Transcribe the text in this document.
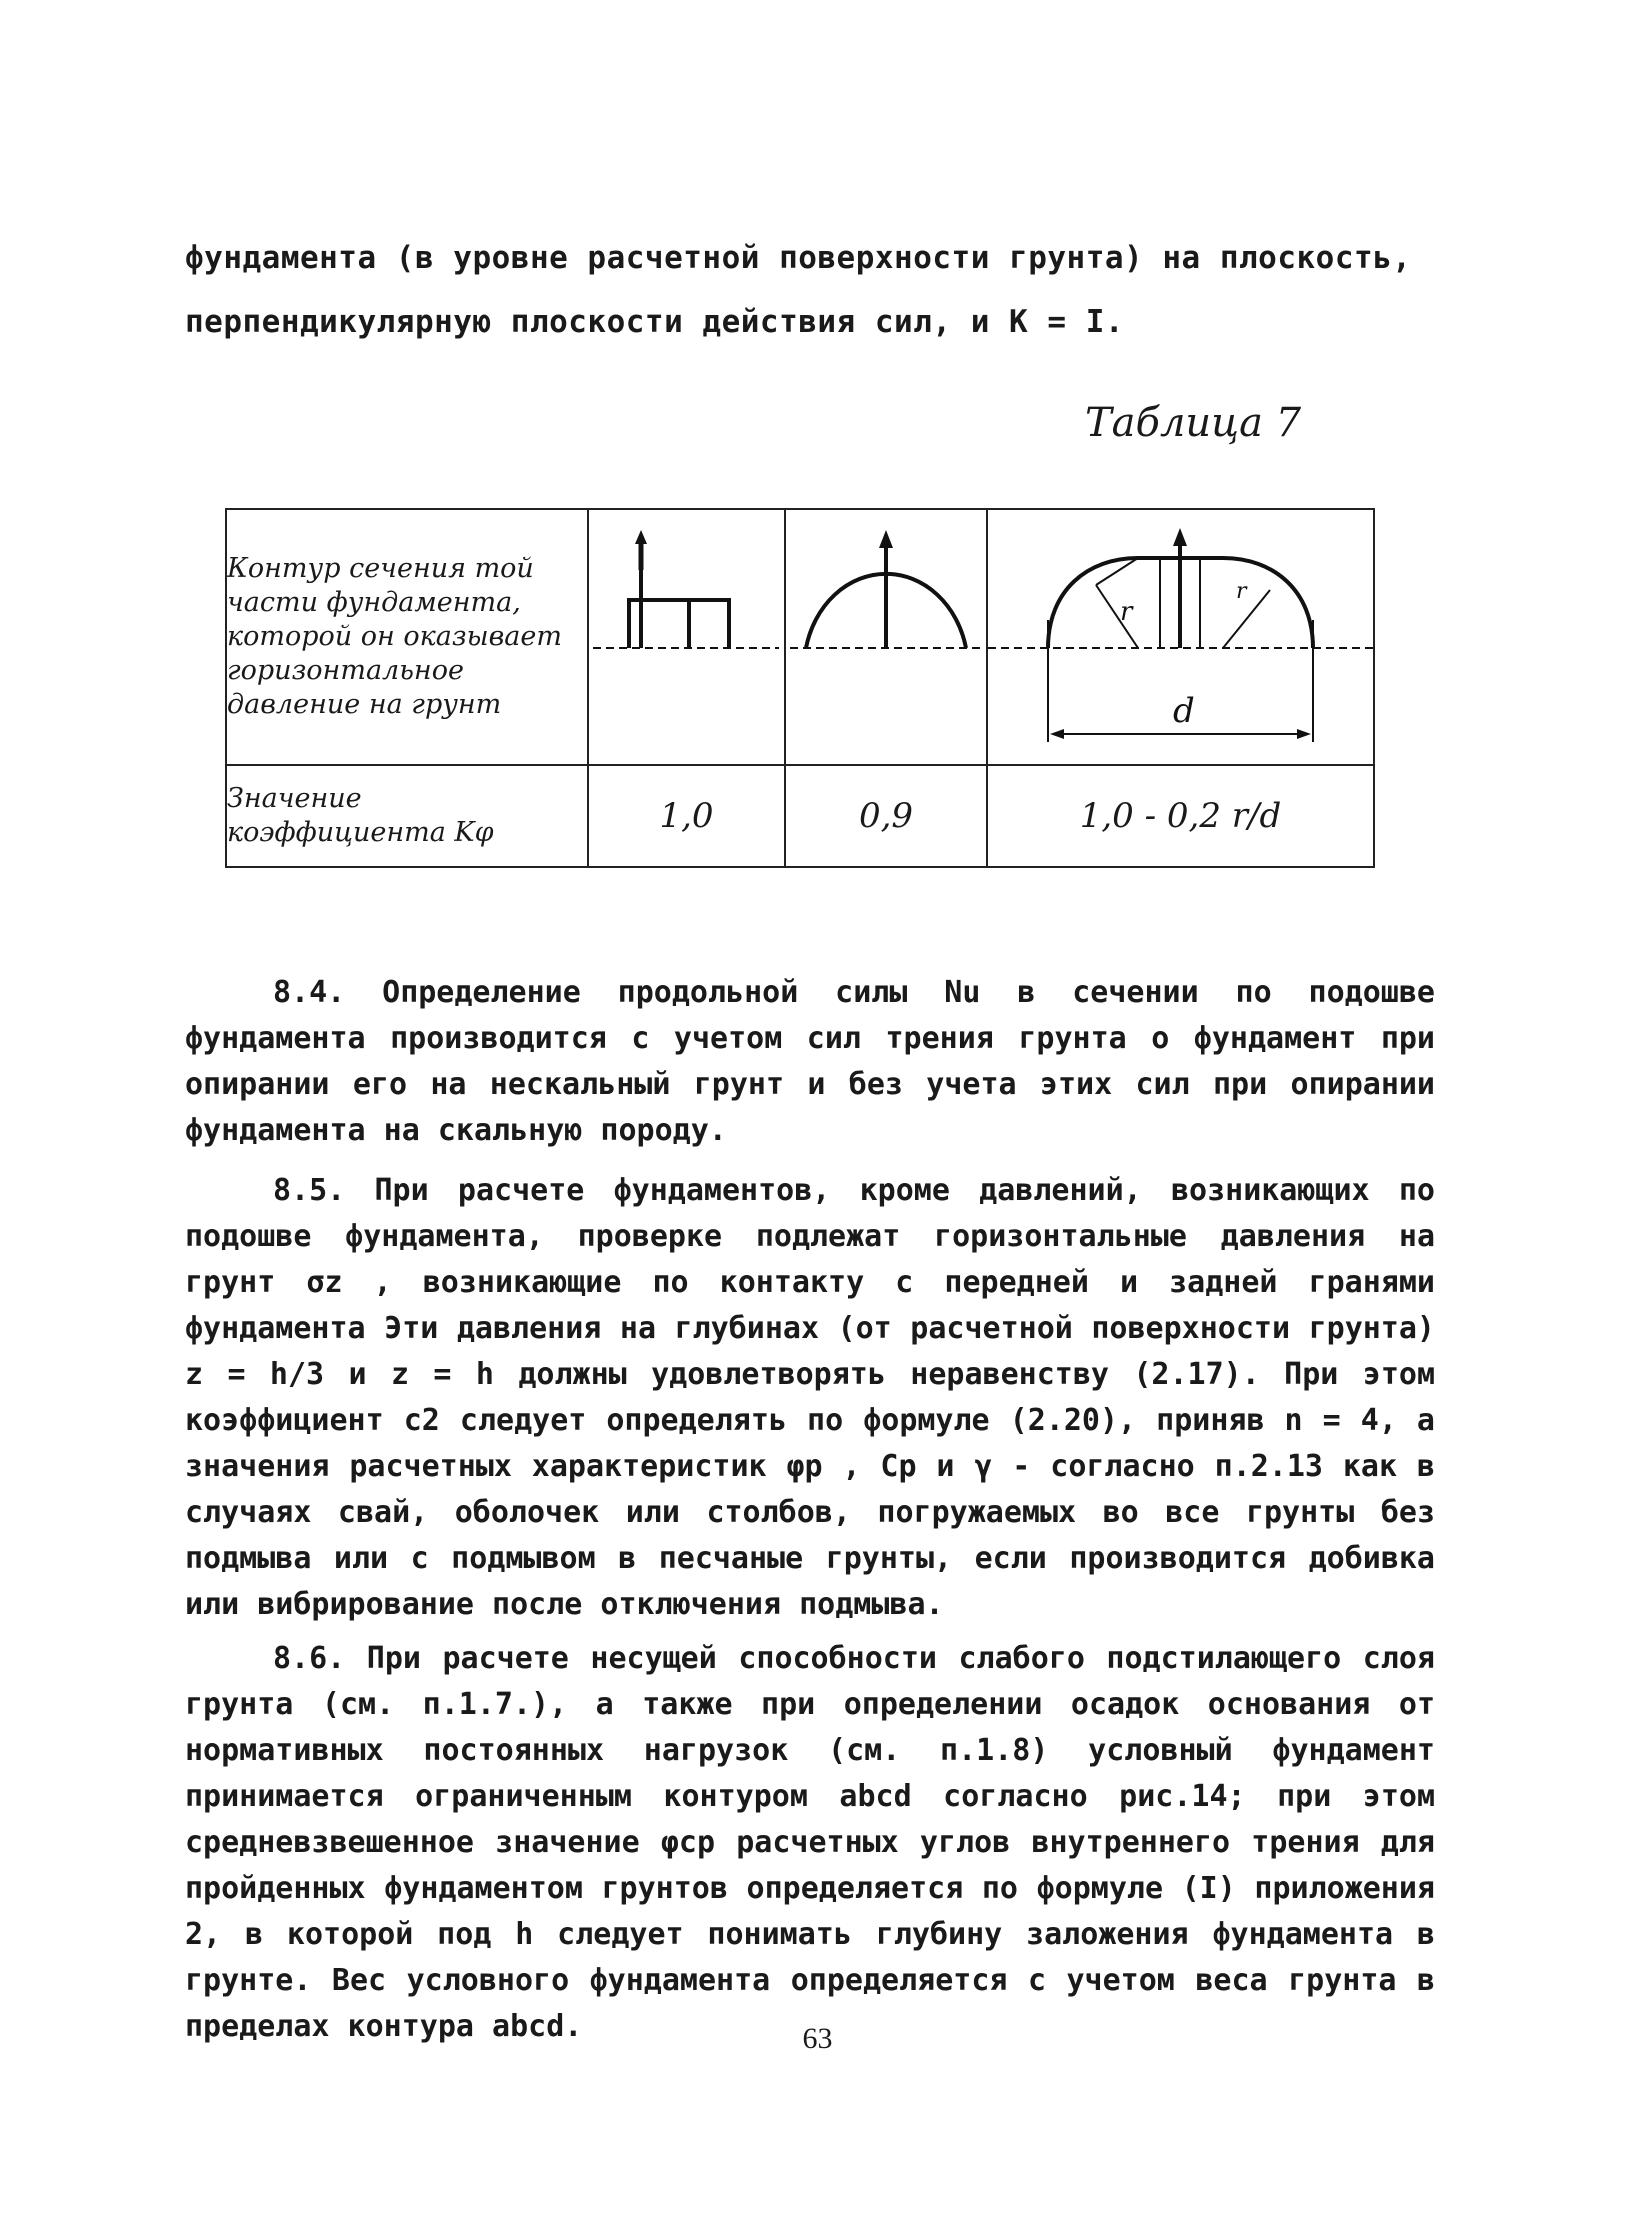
фундамента (в уровне расчетной поверхности грунта) на плоскость,
перпендикулярную плоскости действия сил, и K = I.
Таблица 7
Контур сечения той части фундамента, которой он оказывает горизонтальное давление на грунт			r
r
d

Значение коэффициента Kφ	1,0	0,9	1,0 - 0,2 r/d

8.4. Определение продольной силы Nu в сечении по подошве фундамента производится с учетом сил трения грунта о фундамент при опирании его на нескальный грунт и без учета этих сил при опирании фундамента на скальную породу.

8.5. При расчете фундаментов, кроме давлений, возникающих по подошве фундамента, проверке подлежат горизонтальные давления на грунт σz , возникающие по контакту с передней и задней гранями фундамента Эти давления на глубинах (от расчетной поверхности грунта) z = h/3 и z = h должны удовлетворять неравенству (2.17). При этом коэффициент c2 следует определять по формуле (2.20), приняв n = 4, а значения расчетных характеристик φp , Cp и γ - согласно п.2.13 как в случаях свай, оболочек или столбов, погружаемых во все грунты без подмыва или с подмывом в песчаные грунты, если производится добивка или вибрирование после отключения подмыва.

8.6. При расчете несущей способности слабого подстилающего слоя грунта (см. п.1.7.), а также при определении осадок основания от нормативных постоянных нагрузок (см. п.1.8) условный фундамент принимается ограниченным контуром abcd согласно рис.14; при этом средневзвешенное значение φcp расчетных углов внутреннего трения для пройденных фундаментом грунтов определяется по формуле (I) приложения 2, в которой под h следует понимать глубину заложения фундамента в грунте. Вес условного фундамента определяется с учетом веса грунта в пределах контура abcd.	63
